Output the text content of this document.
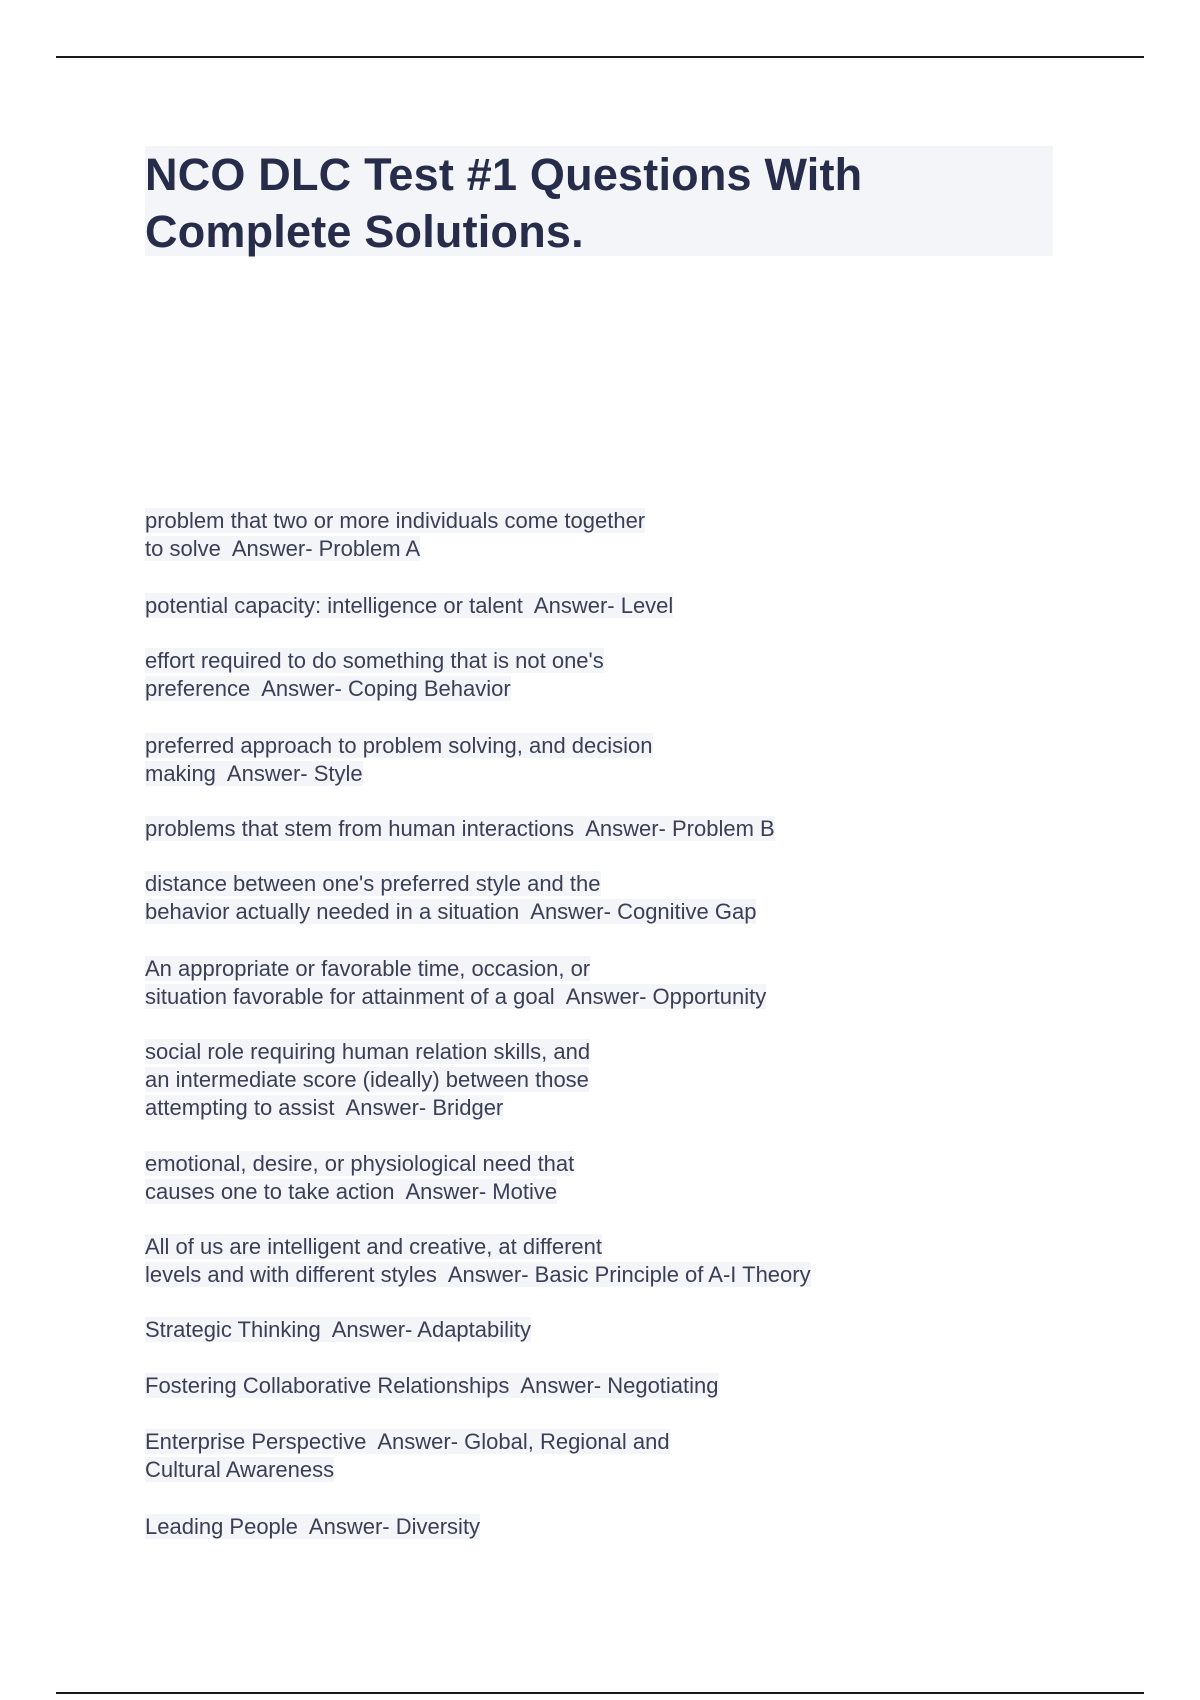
NCO DLC Test #1 Questions With
Complete Solutions.

problem that two or more individuals come together
to solve  Answer- Problem A

potential capacity: intelligence or talent  Answer- Level

effort required to do something that is not one's
preference  Answer- Coping Behavior

preferred approach to problem solving, and decision
making  Answer- Style

problems that stem from human interactions  Answer- Problem B

distance between one's preferred style and the
behavior actually needed in a situation  Answer- Cognitive Gap

An appropriate or favorable time, occasion, or
situation favorable for attainment of a goal  Answer- Opportunity

social role requiring human relation skills, and
an intermediate score (ideally) between those
attempting to assist  Answer- Bridger

emotional, desire, or physiological need that
causes one to take action  Answer- Motive

All of us are intelligent and creative, at different
levels and with different styles  Answer- Basic Principle of A-I Theory

Strategic Thinking  Answer- Adaptability

Fostering Collaborative Relationships  Answer- Negotiating

Enterprise Perspective  Answer- Global, Regional and
Cultural Awareness

Leading People  Answer- Diversity
